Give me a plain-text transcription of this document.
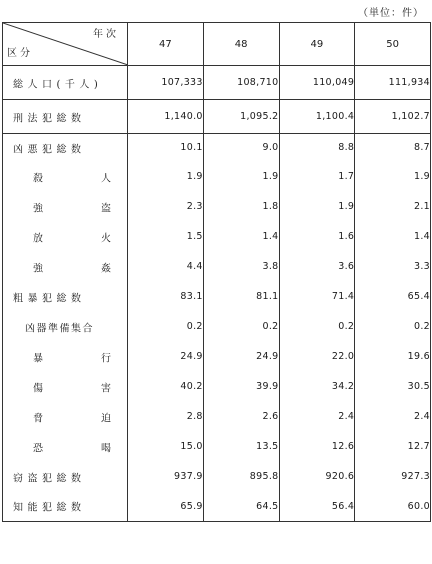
（単位：件）
年次
区分	47	48	49	50

総人口(千人)	107,333	108,710	110,049	111,934

刑法犯総数	1,140.0	1,095.2	1,100.4	1,102.7

凶悪犯総数	10.1	9.0	8.8	8.7

殺 人	1.9	1.9	1.7	1.9

強 盗	2.3	1.8	1.9	2.1

放 火	1.5	1.4	1.6	1.4

強 姦	4.4	3.8	3.6	3.3

粗暴犯総数	83.1	81.1	71.4	65.4

凶器準備集合	0.2	0.2	0.2	0.2

暴 行	24.9	24.9	22.0	19.6

傷 害	40.2	39.9	34.2	30.5

脅 迫	2.8	2.6	2.4	2.4

恐 喝	15.0	13.5	12.6	12.7

窃盗犯総数	937.9	895.8	920.6	927.3

知能犯総数	65.9	64.5	56.4	60.0
